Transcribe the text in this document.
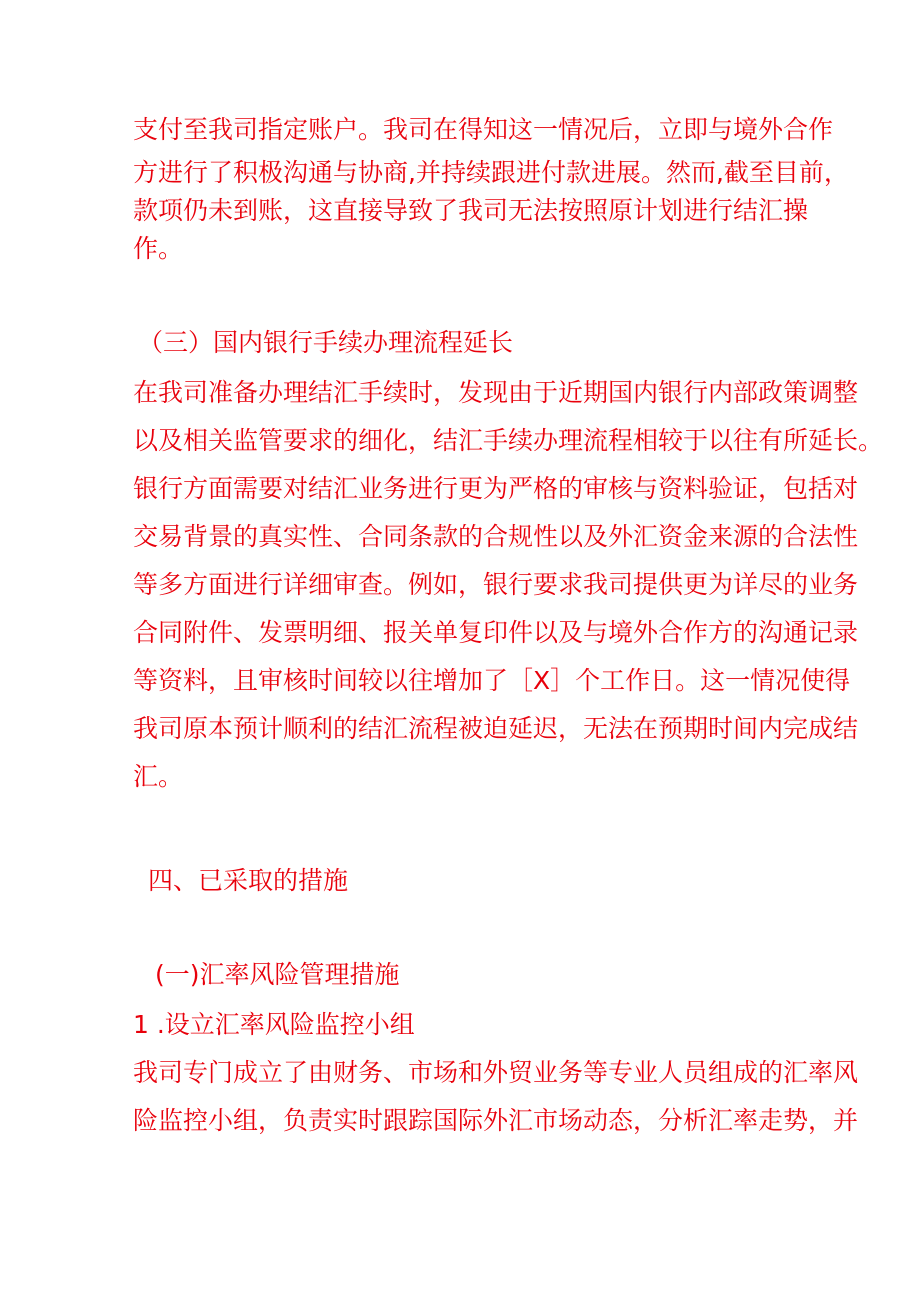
支付至我司指定账户。我司在得知这一情况后，立即与境外合作
方进行了积极沟通与协商,并持续跟进付款进展。然而,截至目前，
款项仍未到账，这直接导致了我司无法按照原计划进行结汇操
作。
（三）国内银行手续办理流程延长
在我司准备办理结汇手续时，发现由于近期国内银行内部政策调整
以及相关监管要求的细化，结汇手续办理流程相较于以往有所延长。
银行方面需要对结汇业务进行更为严格的审核与资料验证，包括对
交易背景的真实性、合同条款的合规性以及外汇资金来源的合法性
等多方面进行详细审查。例如，银行要求我司提供更为详尽的业务
合同附件、发票明细、报关单复印件以及与境外合作方的沟通记录
等资料，且审核时间较以往增加了［X］个工作日。这一情况使得
我司原本预计顺利的结汇流程被迫延迟，无法在预期时间内完成结
汇。
四、已采取的措施
(一)汇率风险管理措施
1 .设立汇率风险监控小组
我司专门成立了由财务、市场和外贸业务等专业人员组成的汇率风
险监控小组，负责实时跟踪国际外汇市场动态，分析汇率走势，并
